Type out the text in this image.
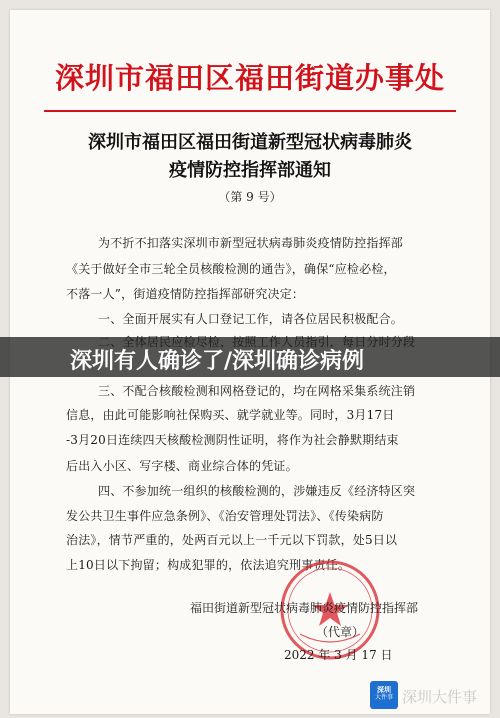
深圳市福田区福田街道办事处
深圳市福田区福田街道新型冠状病毒肺炎
疫情防控指挥部通知
（第 9 号）
为不折不扣落实深圳市新型冠状病毒肺炎疫情防控指挥部
《关于做好全市三轮全员核酸检测的通告》，确保“应检必检，
不落一人”，街道疫情防控指挥部研究决定：
一、全面开展实有人口登记工作，请各位居民积极配合。
三、不配合核酸检测和网格登记的，均在网格采集系统注销
信息，由此可能影响社保购买、就学就业等。同时，3月17日
-3月20日连续四天核酸检测阴性证明，将作为社会静默期结束
后出入小区、写字楼、商业综合体的凭证。
四、不参加统一组织的核酸检测的，涉嫌违反《经济特区突
发公共卫生事件应急条例》、《治安管理处罚法》、《传染病防
治法》，情节严重的，处两百元以上一千元以下罚款，处5日以
上10日以下拘留；构成犯罪的，依法追究刑事责任。
福田街道新型冠状病毒肺炎疫情防控指挥部
（代章）
2022 年 3 月 17 日
深圳有人确诊了/深圳确诊病例
深圳
大件事 深圳大件事
